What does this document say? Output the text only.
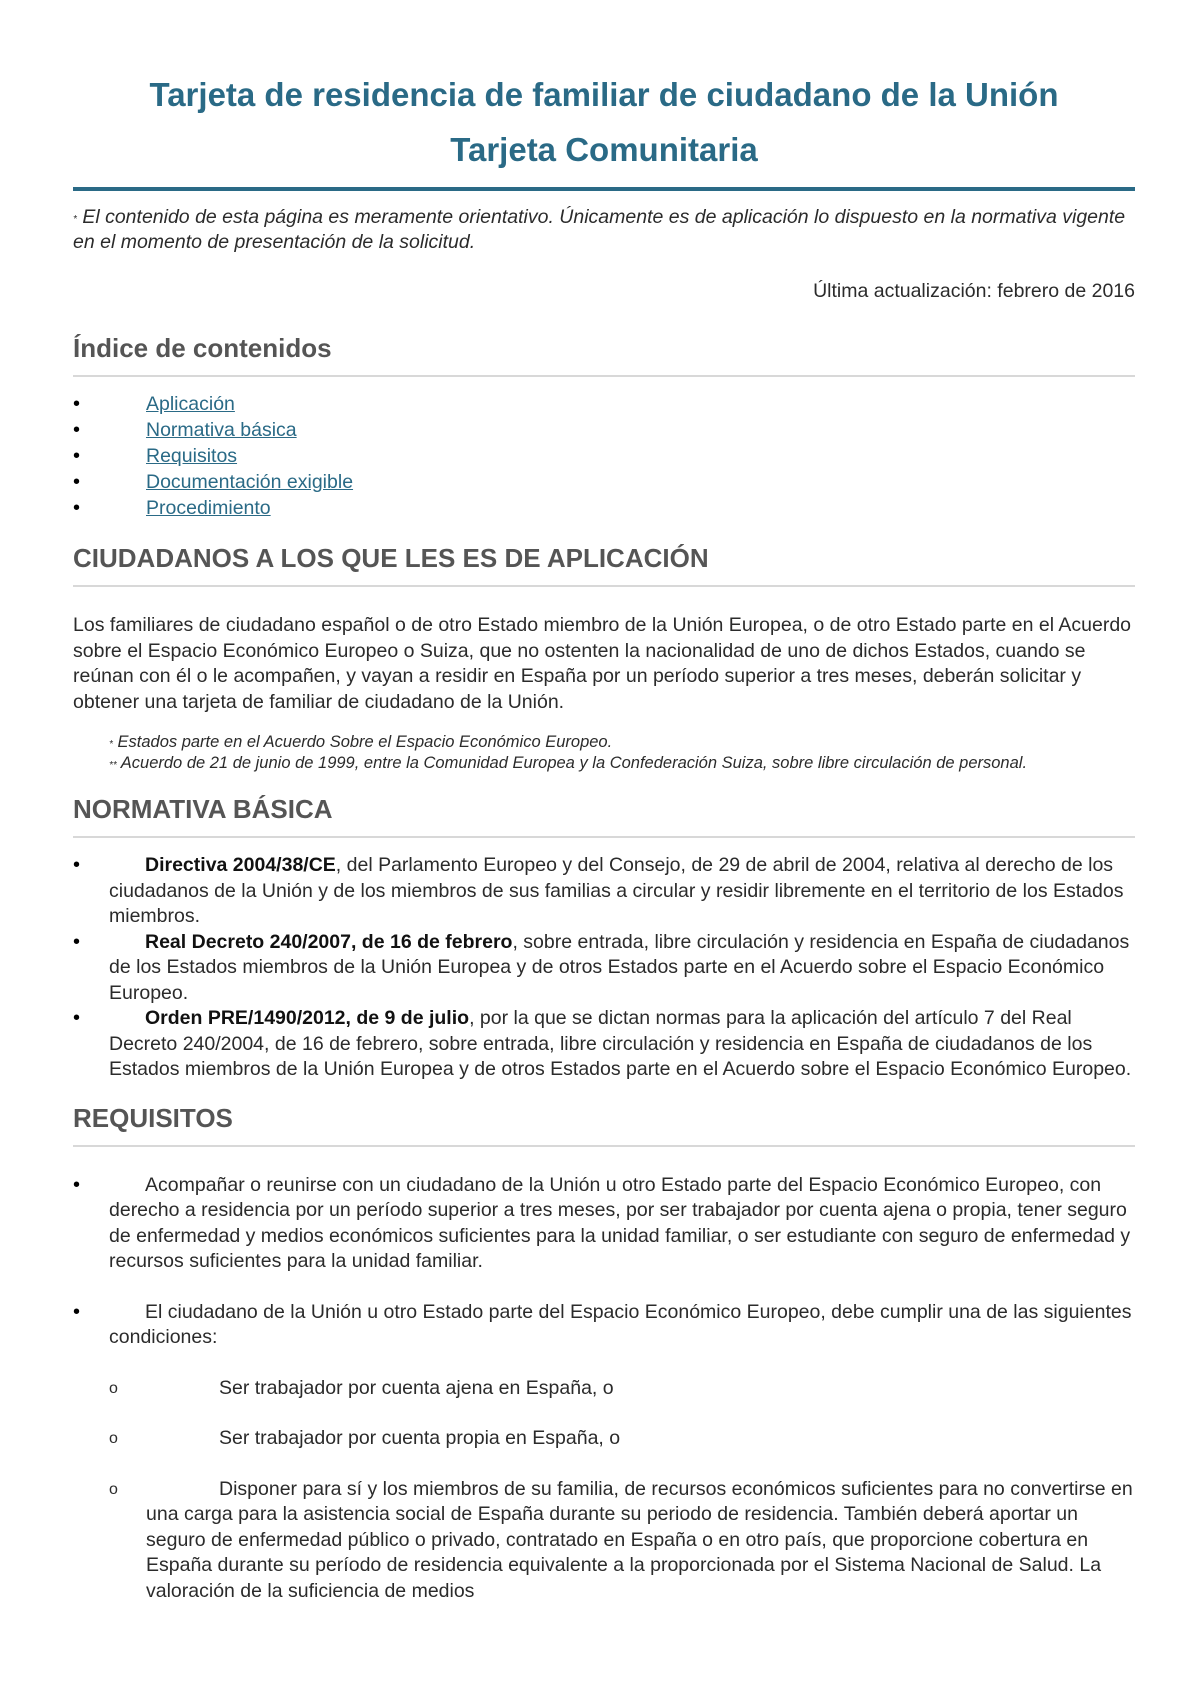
Tarjeta de residencia de familiar de ciudadano de la Unión
Tarjeta Comunitaria
* El contenido de esta página es meramente orientativo. Únicamente es de aplicación lo dispuesto en la normativa vigente en el momento de presentación de la solicitud.
Última actualización: febrero de 2016
Índice de contenidos
•	Aplicación
•	Normativa básica
•	Requisitos
•	Documentación exigible
•	Procedimiento
CIUDADANOS A LOS QUE LES ES DE APLICACIÓN

Los familiares de ciudadano español o de otro Estado miembro de la Unión Europea, o de otro Estado parte en el Acuerdo sobre el Espacio Económico Europeo o Suiza, que no ostenten la nacionalidad de uno de dichos Estados, cuando se reúnan con él o le acompañen, y vayan a residir en España por un período superior a tres meses, deberán solicitar y obtener una tarjeta de familiar de ciudadano de la Unión.

* Estados parte en el Acuerdo Sobre el Espacio Económico Europeo.
** Acuerdo de 21 de junio de 1999, entre la Comunidad Europea y la Confederación Suiza, sobre libre circulación de personal.
NORMATIVA BÁSICA
•	Directiva 2004/38/CE, del Parlamento Europeo y del Consejo, de 29 de abril de 2004, relativa al derecho de los ciudadanos de la Unión y de los miembros de sus familias a circular y residir libremente en el territorio de los Estados miembros.
•	Real Decreto 240/2007, de 16 de febrero, sobre entrada, libre circulación y residencia en España de ciudadanos de los Estados miembros de la Unión Europea y de otros Estados parte en el Acuerdo sobre el Espacio Económico Europeo.
•	Orden PRE/1490/2012, de 9 de julio, por la que se dictan normas para la aplicación del artículo 7 del Real Decreto 240/2004, de 16 de febrero, sobre entrada, libre circulación y residencia en España de ciudadanos de los Estados miembros de la Unión Europea y de otros Estados parte en el Acuerdo sobre el Espacio Económico Europeo.
REQUISITOS
•	Acompañar o reunirse con un ciudadano de la Unión u otro Estado parte del Espacio Económico Europeo, con derecho a residencia por un período superior a tres meses, por ser trabajador por cuenta ajena o propia, tener seguro de enfermedad y medios económicos suficientes para la unidad familiar, o ser estudiante con seguro de enfermedad y recursos suficientes para la unidad familiar.
•	El ciudadano de la Unión u otro Estado parte del Espacio Económico Europeo, debe cumplir una de las siguientes condiciones:
o	Ser trabajador por cuenta ajena en España, o
o	Ser trabajador por cuenta propia en España, o
o	Disponer para sí y los miembros de su familia, de recursos económicos suficientes para no convertirse en una carga para la asistencia social de España durante su periodo de residencia. También deberá aportar un seguro de enfermedad público o privado, contratado en España o en otro país, que proporcione cobertura en España durante su período de residencia equivalente a la proporcionada por el Sistema Nacional de Salud. La valoración de la suficiencia de medios
